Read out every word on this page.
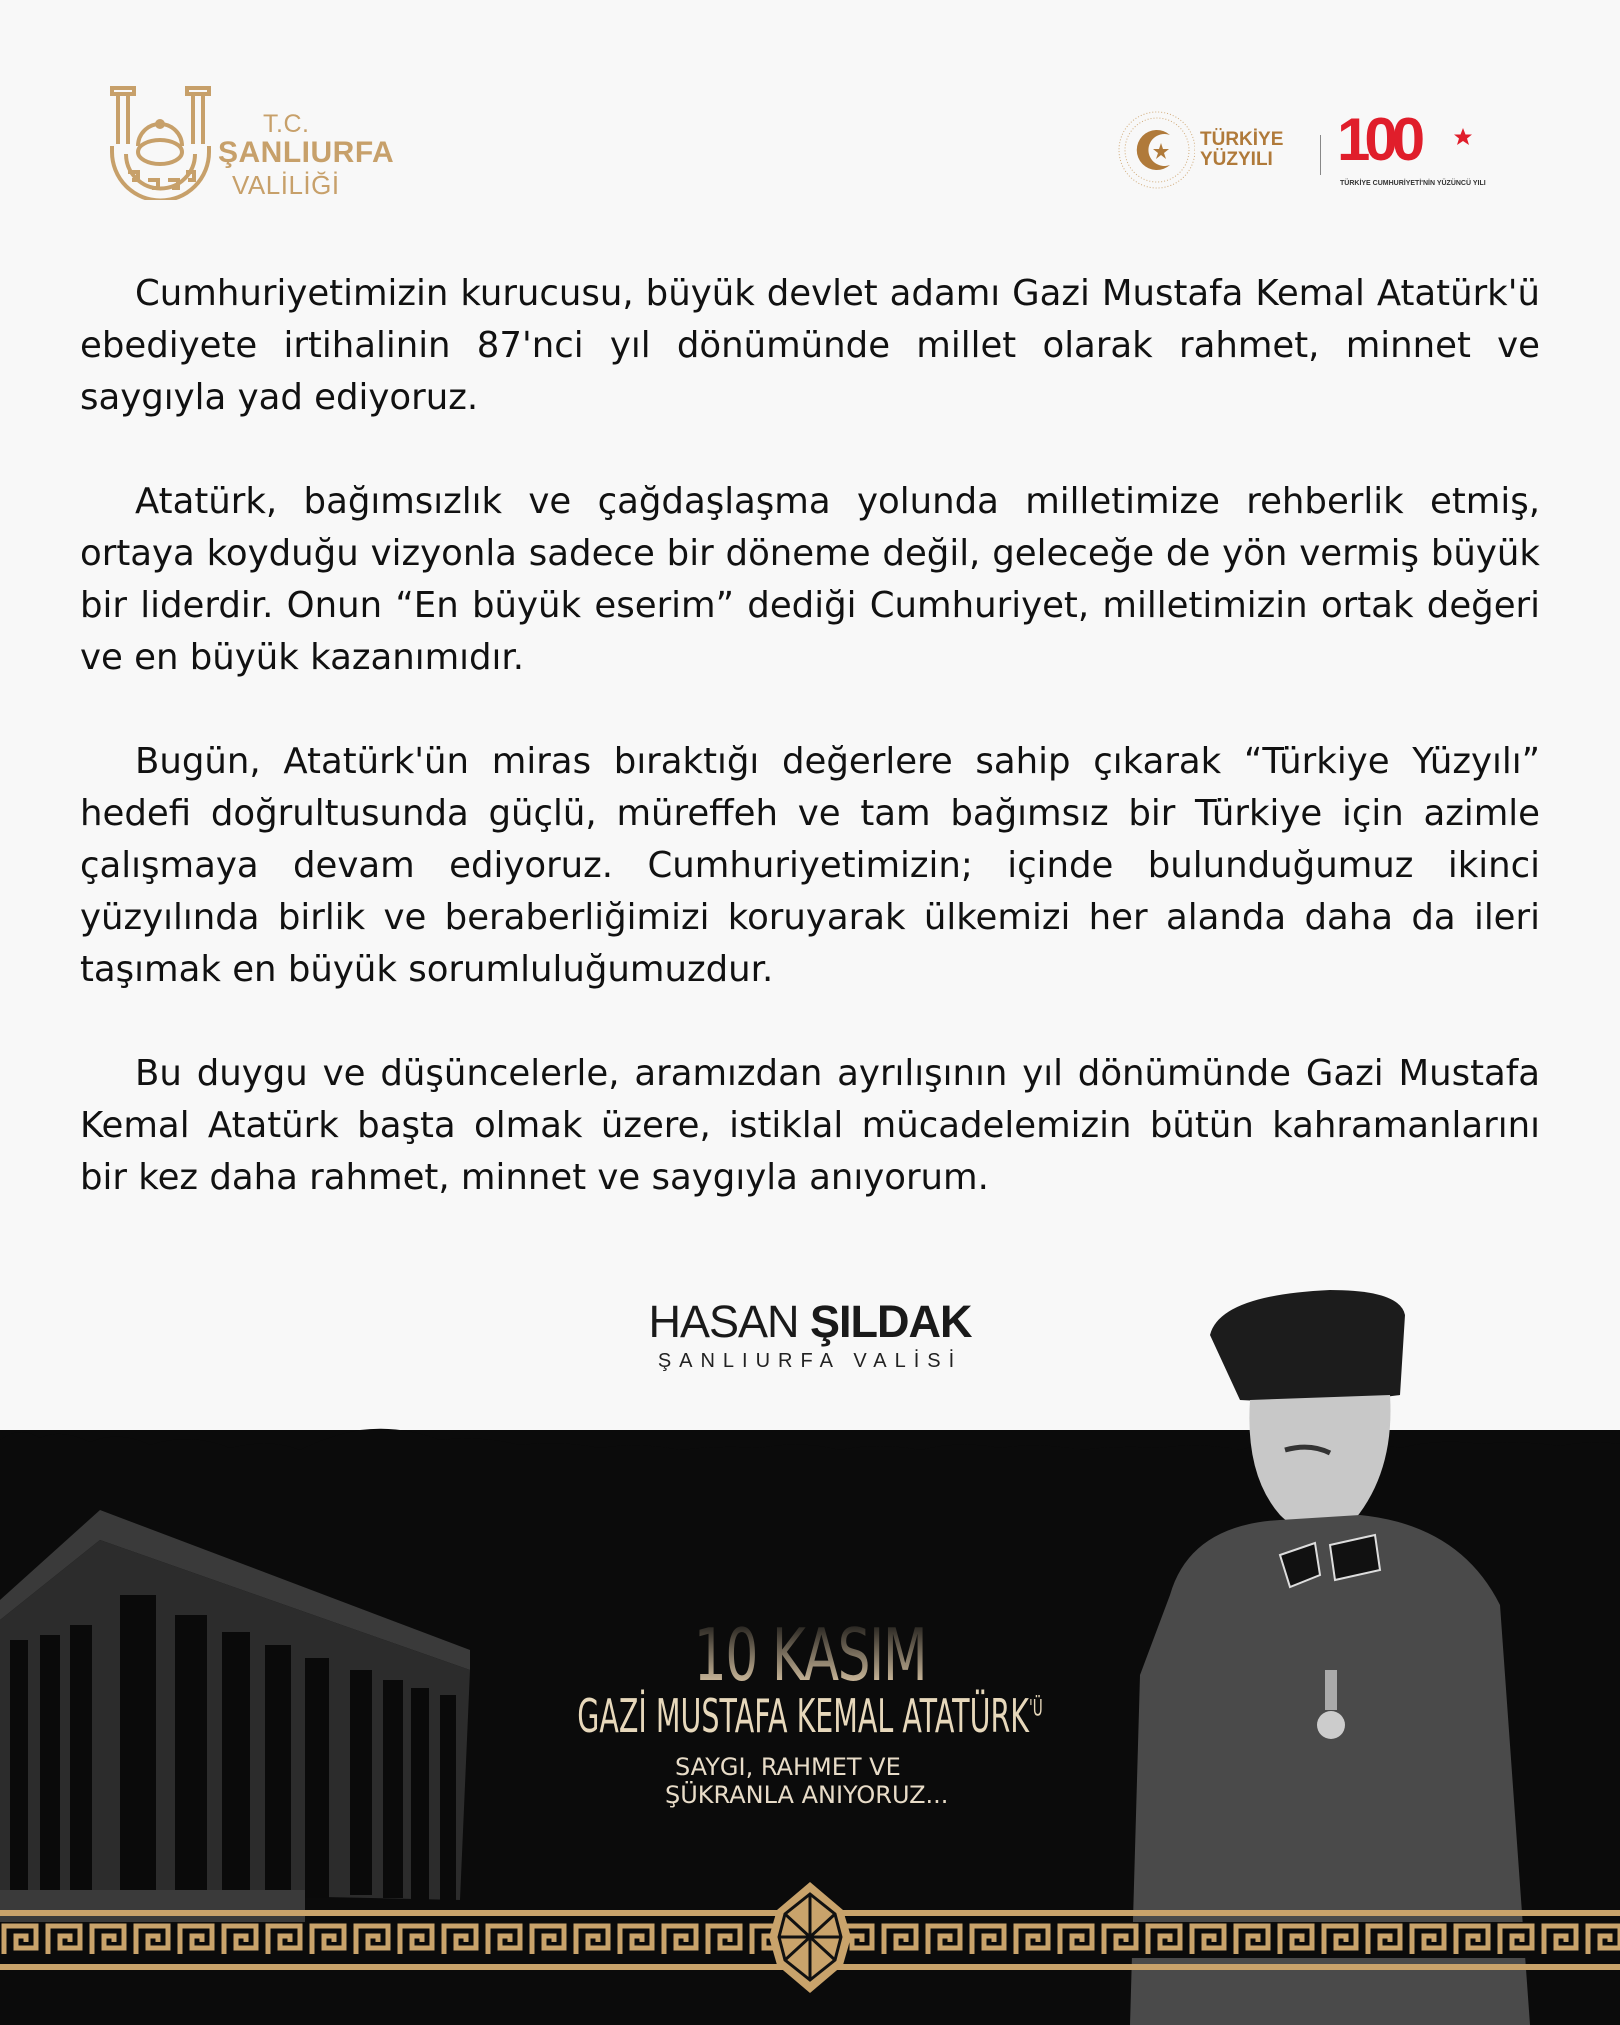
T.C.
ŞANLIURFA
VALİLİĞİ
TÜRKİYE
YÜZYILI 100
TÜRKİYE CUMHURİYETİ'NİN YÜZÜNCÜ YILI

Cumhuriyetimizin kurucusu, büyük devlet adamı Gazi Mustafa Kemal Atatürk'ü ebediyete irtihalinin 87'nci yıl dönümünde millet olarak rahmet, minnet ve saygıyla yad ediyoruz.

Atatürk, bağımsızlık ve çağdaşlaşma yolunda milletimize rehberlik etmiş, ortaya koyduğu vizyonla sadece bir döneme değil, geleceğe de yön vermiş büyük bir liderdir. Onun “En büyük eserim” dediği Cumhuriyet, milletimizin ortak değeri ve en büyük kazanımıdır.

Bugün, Atatürk'ün miras bıraktığı değerlere sahip çıkarak “Türkiye Yüzyılı” hedefi doğrultusunda güçlü, müreffeh ve tam bağımsız bir Türkiye için azimle çalışmaya devam ediyoruz. Cumhuriyetimizin; içinde bulunduğumuz ikinci yüzyılında birlik ve beraberliğimizi koruyarak ülkemizi her alanda daha da ileri taşımak en büyük sorumluluğumuzdur.

Bu duygu ve düşüncelerle, aramızdan ayrılışının yıl dönümünde Gazi Mustafa Kemal Atatürk başta olmak üzere, istiklal mücadelemizin bütün kahramanlarını bir kez daha rahmet, minnet ve saygıyla anıyorum.

HASAN ŞILDAK
ŞANLIURFA VALİSİ
10 KASIM
GAZİ MUSTAFA KEMAL $ATATÜRK^{'Ü}$
SAYGI, RAHMET VE
ŞÜKRANLA ANIYORUZ...
